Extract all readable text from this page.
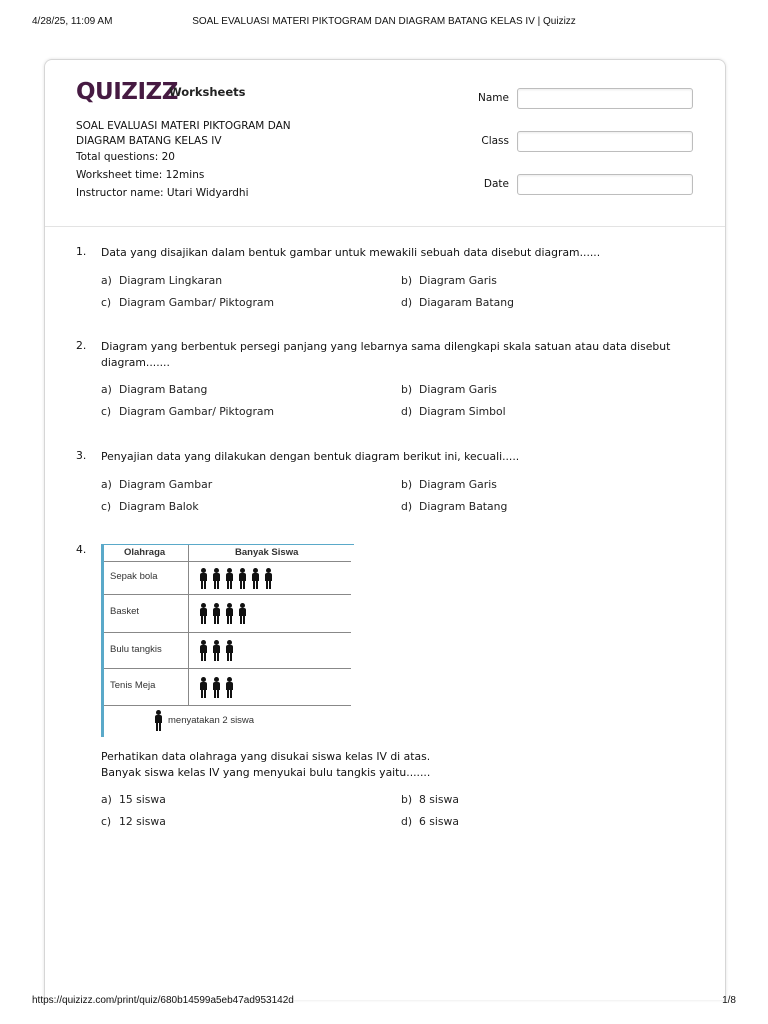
4/28/25, 11:09 AM	SOAL EVALUASI MATERI PIKTOGRAM DAN DIAGRAM BATANG KELAS IV | Quizizz
QUIZIZZ
Worksheets
SOAL EVALUASI MATERI PIKTOGRAM DAN
DIAGRAM BATANG KELAS IV
Total questions: 20
Worksheet time: 12mins
Instructor name: Utari Widyardhi
Name
Class
Date
1. Data yang disajikan dalam bentuk gambar untuk mewakili sebuah data disebut diagram......
a) Diagram Lingkaran	b) Diagram Garis
c) Diagram Gambar/ Piktogram	d) Diagaram Batang
2. Diagram yang berbentuk persegi panjang yang lebarnya sama dilengkapi skala satuan atau data disebut
diagram.......
a) Diagram Batang	b) Diagram Garis
c) Diagram Gambar/ Piktogram	d) Diagram Simbol
3. Penyajian data yang dilakukan dengan bentuk diagram berikut ini, kecuali.....
a) Diagram Gambar	b) Diagram Garis
c) Diagram Balok	d) Diagram Batang
4.	Olahraga	Banyak Siswa
Sepak bola
Basket
Bulu tangkis
Tenis Meja
menyatakan 2 siswa
Perhatikan data olahraga yang disukai siswa kelas IV di atas.
Banyak siswa kelas IV yang menyukai bulu tangkis yaitu.......
a) 15 siswa	b) 8 siswa
c) 12 siswa	d) 6 siswa
https://quizizz.com/print/quiz/680b14599a5eb47ad953142d	1/8
